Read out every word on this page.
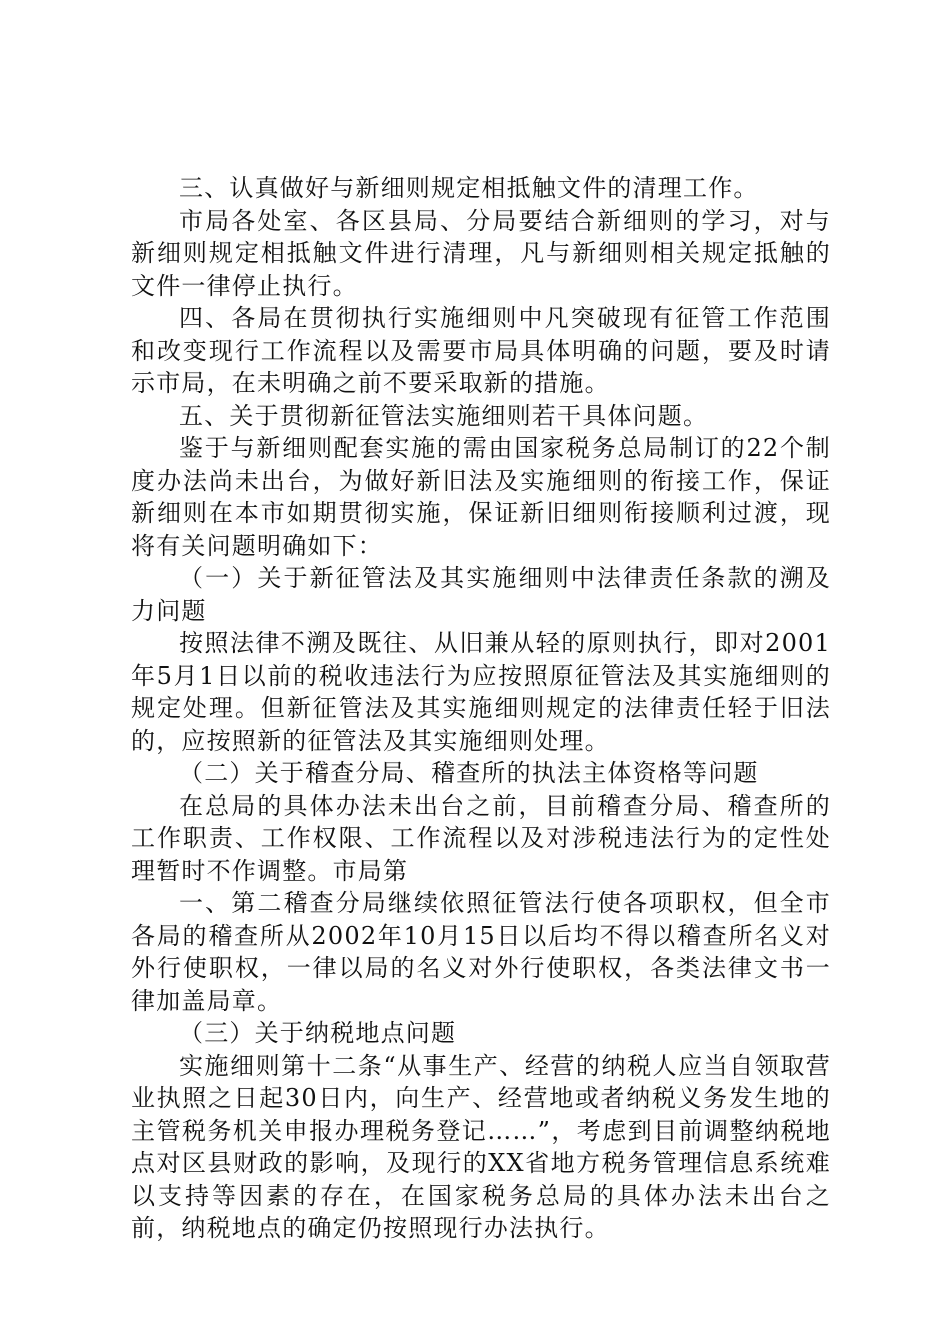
三、认真做好与新细则规定相抵触文件的清理工作。

市局各处室、各区县局、分局要结合新细则的学习，对与新细则规定相抵触文件进行清理，凡与新细则相关规定抵触的文件一律停止执行。

四、各局在贯彻执行实施细则中凡突破现有征管工作范围和改变现行工作流程以及需要市局具体明确的问题，要及时请示市局，在未明确之前不要采取新的措施。

五、关于贯彻新征管法实施细则若干具体问题。

鉴于与新细则配套实施的需由国家税务总局制订的22个制度办法尚未出台，为做好新旧法及实施细则的衔接工作，保证新细则在本市如期贯彻实施，保证新旧细则衔接顺利过渡，现将有关问题明确如下：

（一）关于新征管法及其实施细则中法律责任条款的溯及力问题

按照法律不溯及既往、从旧兼从轻的原则执行，即对2001年5月1日以前的税收违法行为应按照原征管法及其实施细则的规定处理。但新征管法及其实施细则规定的法律责任轻于旧法的，应按照新的征管法及其实施细则处理。

（二）关于稽查分局、稽查所的执法主体资格等问题

在总局的具体办法未出台之前，目前稽查分局、稽查所的工作职责、工作权限、工作流程以及对涉税违法行为的定性处理暂时不作调整。市局第

一、第二稽查分局继续依照征管法行使各项职权，但全市各局的稽查所从2002年10月15日以后均不得以稽查所名义对外行使职权，一律以局的名义对外行使职权，各类法律文书一律加盖局章。

（三）关于纳税地点问题

实施细则第十二条“从事生产、经营的纳税人应当自领取营业执照之日起30日内，向生产、经营地或者纳税义务发生地的主管税务机关申报办理税务登记……”，考虑到目前调整纳税地点对区县财政的影响，及现行的XX省地方税务管理信息系统难以支持等因素的存在，在国家税务总局的具体办法未出台之前，纳税地点的确定仍按照现行办法执行。
